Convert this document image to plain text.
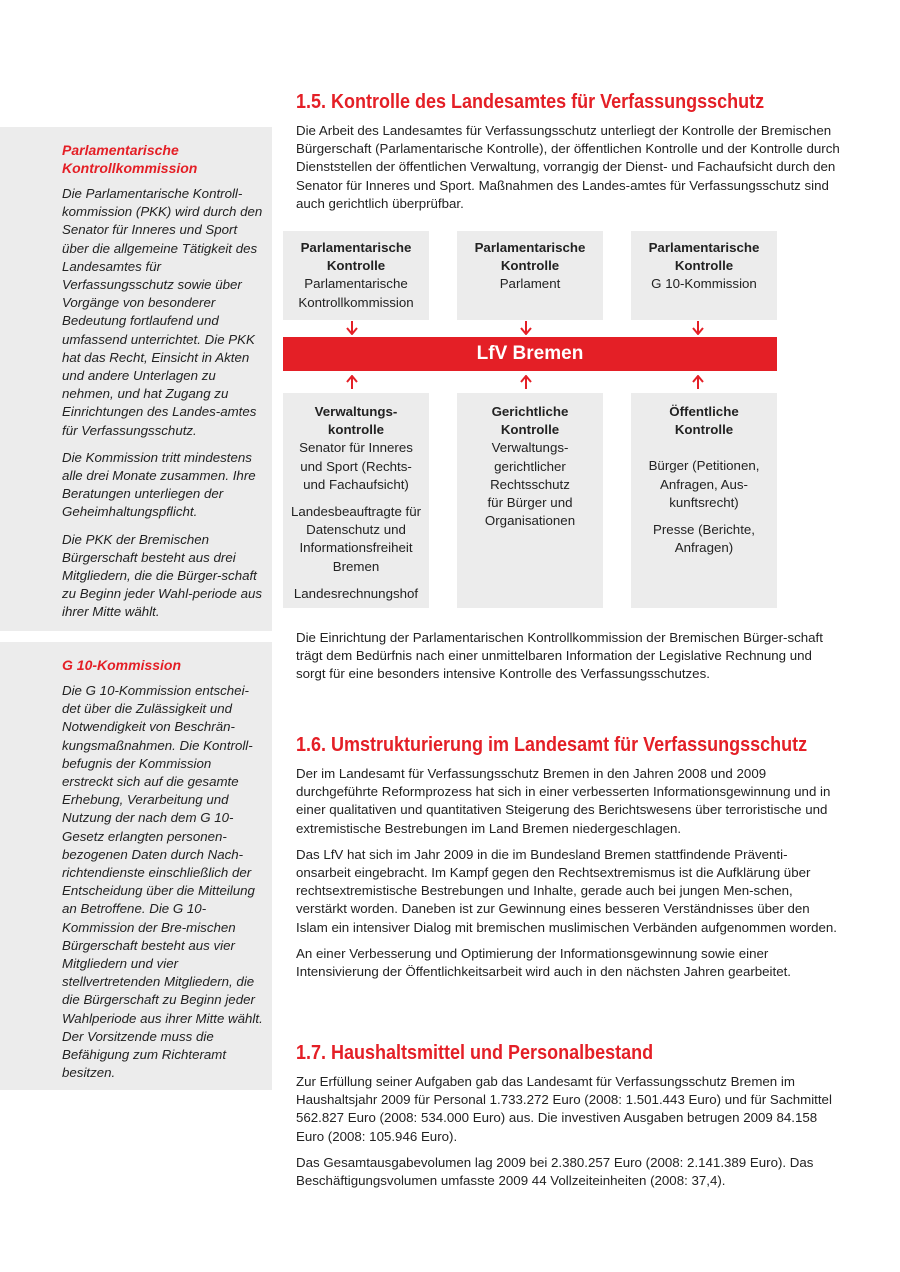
Parlamentarische Kontrollkommission

Die Parlamentarische Kontroll-kommission (PKK) wird durch den Senator für Inneres und Sport über die allgemeine Tätigkeit des Landesamtes für Verfassungsschutz sowie über Vorgänge von besonderer Bedeutung fortlaufend und umfassend unterrichtet. Die PKK hat das Recht, Einsicht in Akten und andere Unterlagen zu nehmen, und hat Zugang zu Einrichtungen des Landes-amtes für Verfassungsschutz.

Die Kommission tritt mindestens alle drei Monate zusammen. Ihre Beratungen unterliegen der Geheimhaltungspflicht.

Die PKK der Bremischen Bürgerschaft besteht aus drei Mitgliedern, die die Bürger-schaft zu Beginn jeder Wahl-periode aus ihrer Mitte wählt.

G 10-Kommission

Die G 10-Kommission entschei-det über die Zulässigkeit und Notwendigkeit von Beschrän-kungsmaßnahmen. Die Kontroll-befugnis der Kommission erstreckt sich auf die gesamte Erhebung, Verarbeitung und Nutzung der nach dem G 10-Gesetz erlangten personen-bezogenen Daten durch Nach-richtendienste einschließlich der Entscheidung über die Mitteilung an Betroffene. Die G 10-Kommission der Bre-mischen Bürgerschaft besteht aus vier Mitgliedern und vier stellvertretenden Mitgliedern, die die Bürgerschaft zu Beginn jeder Wahlperiode aus ihrer Mitte wählt. Der Vorsitzende muss die Befähigung zum Richteramt besitzen.

1.5. Kontrolle des Landesamtes für Verfassungsschutz

Die Arbeit des Landesamtes für Verfassungsschutz unterliegt der Kontrolle der Bremischen Bürgerschaft (Parlamentarische Kontrolle), der öffentlichen Kontrolle und der Kontrolle durch Dienststellen der öffentlichen Verwaltung, vorrangig der Dienst- und Fachaufsicht durch den Senator für Inneres und Sport. Maßnahmen des Landes-amtes für Verfassungsschutz sind auch gerichtlich überprüfbar.

Parlamentarische
Kontrolle
Parlamentarische
Kontrollkommission
Parlamentarische
Kontrolle
Parlament
Parlamentarische
Kontrolle
G 10-Kommission
LfV Bremen
Verwaltungs-
kontrolle
Senator für Inneres
und Sport (Rechts-
und Fachaufsicht)
Landesbeauftragte für
Datenschutz und
Informationsfreiheit
Bremen
Landesrechnungshof
Gerichtliche
Kontrolle
Verwaltungs-
gerichtlicher
Rechtsschutz
für Bürger und
Organisationen
Öffentliche
Kontrolle
Bürger (Petitionen,
Anfragen, Aus-
kunftsrecht)
Presse (Berichte,
Anfragen)

Die Einrichtung der Parlamentarischen Kontrollkommission der Bremischen Bürger-schaft trägt dem Bedürfnis nach einer unmittelbaren Information der Legislative Rechnung und sorgt für eine besonders intensive Kontrolle des Verfassungsschutzes.

1.6. Umstrukturierung im Landesamt für Verfassungsschutz

Der im Landesamt für Verfassungsschutz Bremen in den Jahren 2008 und 2009 durchgeführte Reformprozess hat sich in einer verbesserten Informationsgewinnung und in einer qualitativen und quantitativen Steigerung des Berichtswesens über terroristische und extremistische Bestrebungen im Land Bremen niedergeschlagen.

Das LfV hat sich im Jahr 2009 in die im Bundesland Bremen stattfindende Präventi-onsarbeit eingebracht. Im Kampf gegen den Rechtsextremismus ist die Aufklärung über rechtsextremistische Bestrebungen und Inhalte, gerade auch bei jungen Men-schen, verstärkt worden. Daneben ist zur Gewinnung eines besseren Verständnisses über den Islam ein intensiver Dialog mit bremischen muslimischen Verbänden aufgenommen worden.

An einer Verbesserung und Optimierung der Informationsgewinnung sowie einer Intensivierung der Öffentlichkeitsarbeit wird auch in den nächsten Jahren gearbeitet.

1.7. Haushaltsmittel und Personalbestand

Zur Erfüllung seiner Aufgaben gab das Landesamt für Verfassungsschutz Bremen im Haushaltsjahr 2009 für Personal 1.733.272 Euro (2008: 1.501.443 Euro) und für Sachmittel 562.827 Euro (2008: 534.000 Euro) aus. Die investiven Ausgaben betrugen 2009 84.158 Euro (2008: 105.946 Euro).

Das Gesamtausgabevolumen lag 2009 bei 2.380.257 Euro (2008: 2.141.389 Euro). Das Beschäftigungsvolumen umfasste 2009 44 Vollzeiteinheiten (2008: 37,4).
